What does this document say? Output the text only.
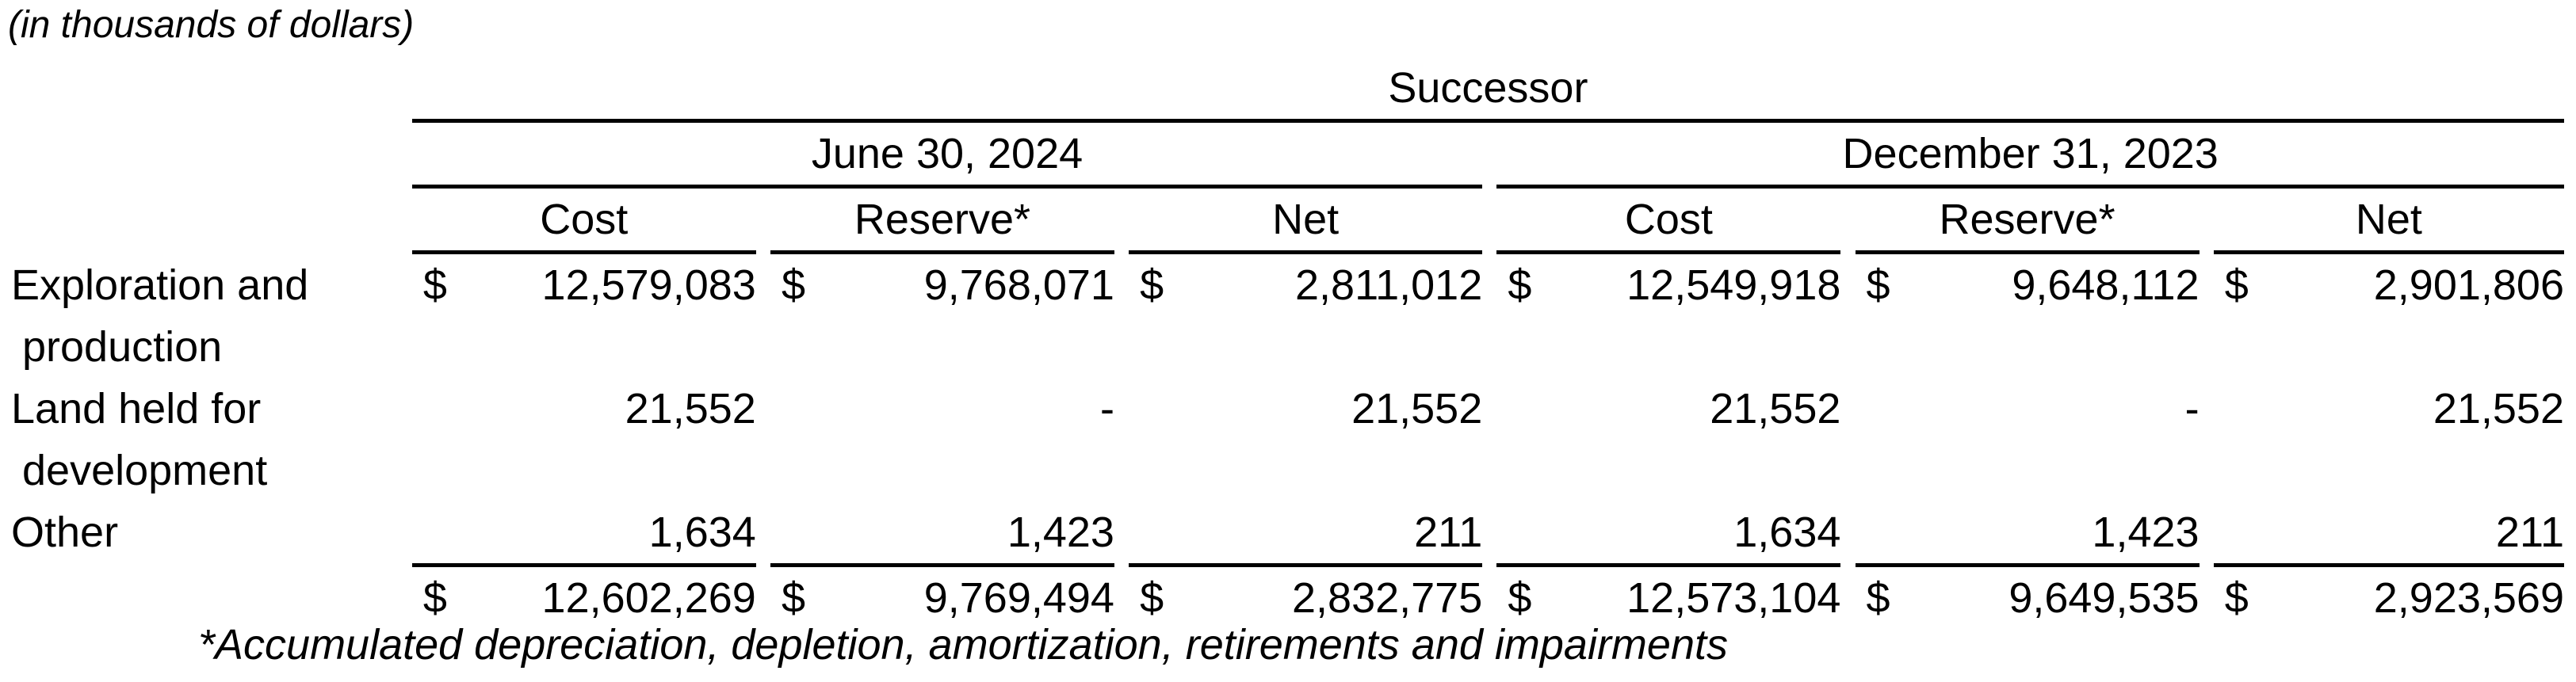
(in thousands of dollars)
	Successor																
	June 30, 2024									December 31, 2023							
	Cost			Reserve*			Net			Cost			Reserve*			Net	
Exploration and	$	12,579,083		$	9,768,071		$	2,811,012		$	12,549,918		$	9,648,112		$	2,901,806
production																	
Land held for		21,552			-			21,552			21,552			-			21,552
development																	
Other		1,634			1,423			211			1,634			1,423			211
	$	12,602,269		$	9,769,494		$	2,832,775		$	12,573,104		$	9,649,535		$	2,923,569
*Accumulated depreciation, depletion, amortization, retirements and impairments
